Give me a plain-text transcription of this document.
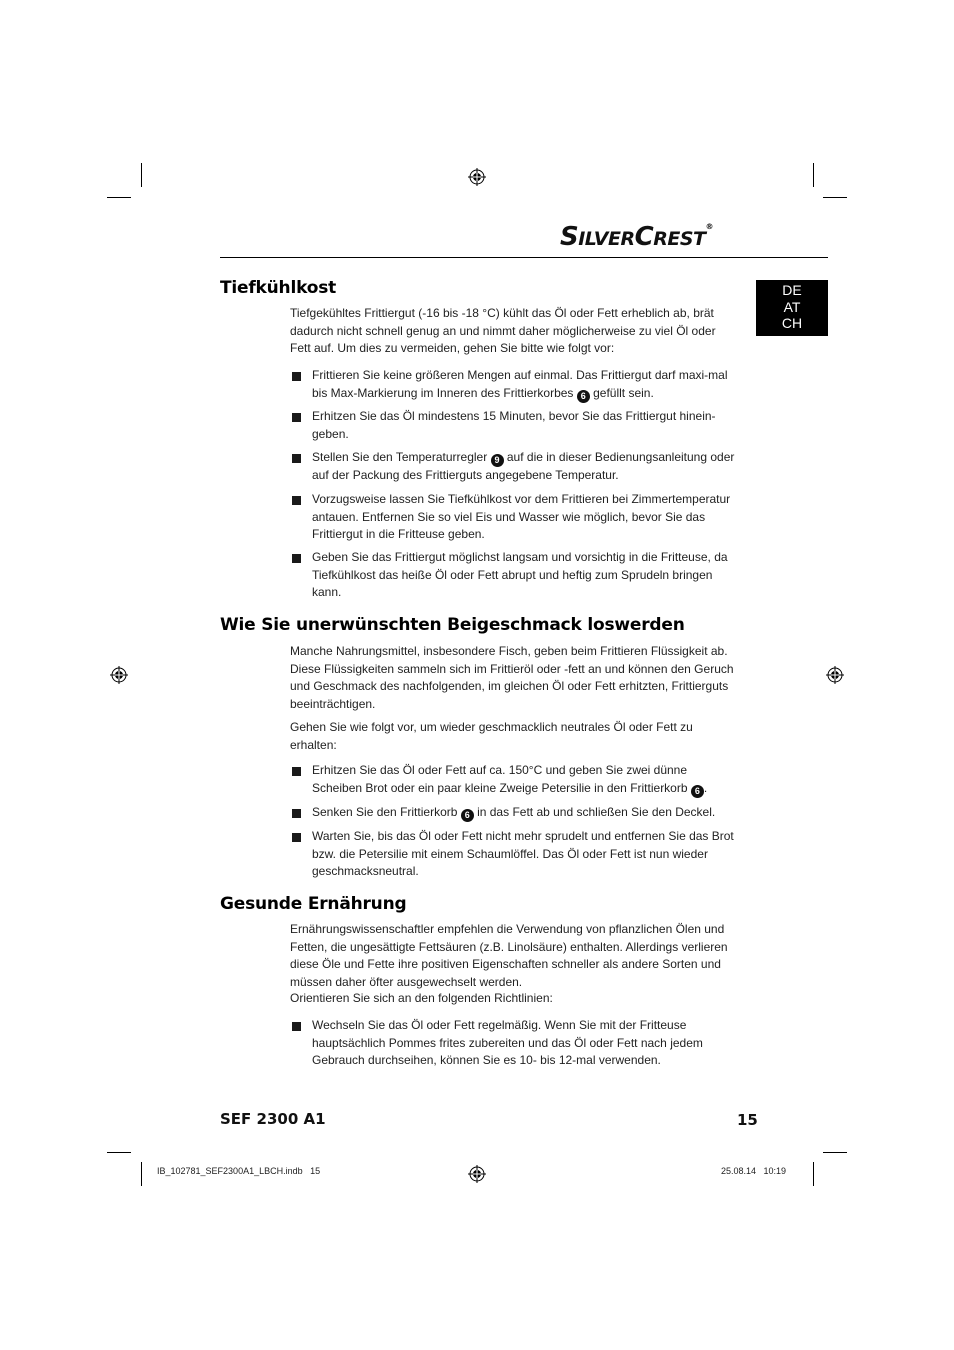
SILVERCREST®
DE
AT
CH
Tiefkühlkost

Tiefgekühltes Frittiergut (-16 bis -18 °C) kühlt das Öl oder Fett erheblich ab, brät dadurch nicht schnell genug an und nimmt daher möglicherweise zu viel Öl oder Fett auf. Um dies zu vermeiden, gehen Sie bitte wie folgt vor:

Frittieren Sie keine größeren Mengen auf einmal. Das Frittiergut darf maxi-mal bis Max-Markierung im Inneren des Frittierkorbes 6 gefüllt sein.
Erhitzen Sie das Öl mindestens 15 Minuten, bevor Sie das Frittiergut hinein-geben.
Stellen Sie den Temperaturregler 9 auf die in dieser Bedienungsanleitung oder auf der Packung des Frittierguts angegebene Temperatur.
Vorzugsweise lassen Sie Tiefkühlkost vor dem Frittieren bei Zimmertemperatur antauen. Entfernen Sie so viel Eis und Wasser wie möglich, bevor Sie das Frittiergut in die Fritteuse geben.
Geben Sie das Frittiergut möglichst langsam und vorsichtig in die Fritteuse, da Tiefkühlkost das heiße Öl oder Fett abrupt und heftig zum Sprudeln bringen kann.
Wie Sie unerwünschten Beigeschmack loswerden

Manche Nahrungsmittel, insbesondere Fisch, geben beim Frittieren Flüssigkeit ab. Diese Flüssigkeiten sammeln sich im Frittieröl oder -fett an und können den Geruch und Geschmack des nachfolgenden, im gleichen Öl oder Fett erhitzten, Frittierguts beeinträchtigen.

Gehen Sie wie folgt vor, um wieder geschmacklich neutrales Öl oder Fett zu erhalten:

Erhitzen Sie das Öl oder Fett auf ca. 150°C und geben Sie zwei dünne Scheiben Brot oder ein paar kleine Zweige Petersilie in den Frittierkorb 6 .
Senken Sie den Frittierkorb 6 in das Fett ab und schließen Sie den Deckel.
Warten Sie, bis das Öl oder Fett nicht mehr sprudelt und entfernen Sie das Brot bzw. die Petersilie mit einem Schaumlöffel. Das Öl oder Fett ist nun wieder geschmacksneutral.
Gesunde Ernährung

Ernährungswissenschaftler empfehlen die Verwendung von pflanzlichen Ölen und Fetten, die ungesättigte Fettsäuren (z.B. Linolsäure) enthalten. Allerdings verlieren diese Öle und Fette ihre positiven Eigenschaften schneller als andere Sorten und müssen daher öfter ausgewechselt werden.

Orientieren Sie sich an den folgenden Richtlinien:

Wechseln Sie das Öl oder Fett regelmäßig. Wenn Sie mit der Fritteuse hauptsächlich Pommes frites zubereiten und das Öl oder Fett nach jedem Gebrauch durchseihen, können Sie es 10- bis 12-mal verwenden.
SEF 2300 A1	15
IB_102781_SEF2300A1_LBCH.indb   15	25.08.14   10:19
